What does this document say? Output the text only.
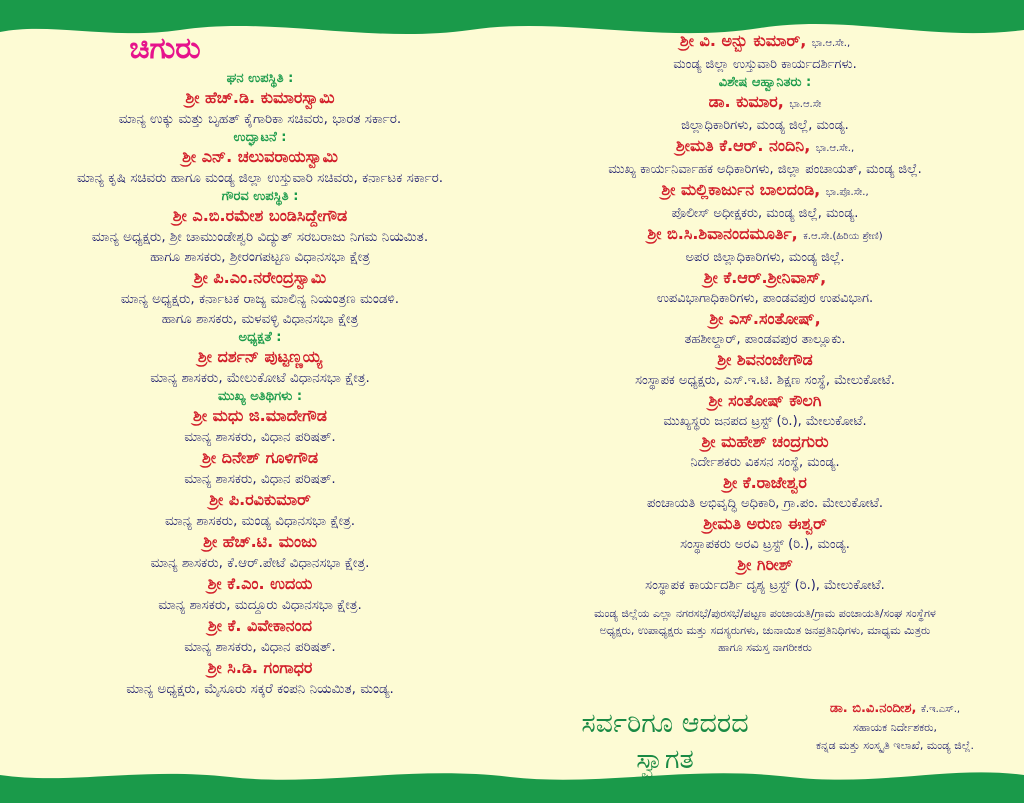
ಚಿಗುರು
ಘನ ಉಪಸ್ಥಿತಿ :
ಶ್ರೀ ಹೆಚ್.ಡಿ. ಕುಮಾರಸ್ವಾಮಿ
ಮಾನ್ಯ ಉಕ್ಕು ಮತ್ತು ಬೃಹತ್ ಕೈಗಾರಿಕಾ ಸಚಿವರು, ಭಾರತ ಸರ್ಕಾರ.
ಉದ್ಘಾಟನೆ :
ಶ್ರೀ ಎನ್. ಚಲುವರಾಯಸ್ವಾಮಿ
ಮಾನ್ಯ ಕೃಷಿ ಸಚಿವರು ಹಾಗೂ ಮಂಡ್ಯ ಜಿಲ್ಲಾ ಉಸ್ತುವಾರಿ ಸಚಿವರು, ಕರ್ನಾಟಕ ಸರ್ಕಾರ.
ಗೌರವ ಉಪಸ್ಥಿತಿ :
ಶ್ರೀ ಎ.ಬಿ.ರಮೇಶ ಬಂಡಿಸಿದ್ದೇಗೌಡ
ಮಾನ್ಯ ಅಧ್ಯಕ್ಷರು, ಶ್ರೀ ಚಾಮುಂಡೇಶ್ವರಿ ವಿದ್ಯುತ್ ಸರಬರಾಜು ನಿಗಮ ನಿಯಮಿತ.
ಹಾಗೂ ಶಾಸಕರು, ಶ್ರೀರಂಗಪಟ್ಟಣ ವಿಧಾನಸಭಾ ಕ್ಷೇತ್ರ
ಶ್ರೀ ಪಿ.ಎಂ.ನರೇಂದ್ರಸ್ವಾಮಿ
ಮಾನ್ಯ ಅಧ್ಯಕ್ಷರು, ಕರ್ನಾಟಕ ರಾಜ್ಯ ಮಾಲಿನ್ಯ ನಿಯಂತ್ರಣ ಮಂಡಳಿ.
ಹಾಗೂ ಶಾಸಕರು, ಮಳವಳ್ಳಿ ವಿಧಾನಸಭಾ ಕ್ಷೇತ್ರ
ಅಧ್ಯಕ್ಷತೆ :
ಶ್ರೀ ದರ್ಶನ್ ಪುಟ್ಟಣ್ಣಯ್ಯ
ಮಾನ್ಯ ಶಾಸಕರು, ಮೇಲುಕೋಟೆ ವಿಧಾನಸಭಾ ಕ್ಷೇತ್ರ.
ಮುಖ್ಯ ಅತಿಥಿಗಳು :
ಶ್ರೀ ಮಧು ಜಿ.ಮಾದೇಗೌಡ
ಮಾನ್ಯ ಶಾಸಕರು, ವಿಧಾನ ಪರಿಷತ್.
ಶ್ರೀ ದಿನೇಶ್ ಗೂಳಿಗೌಡ
ಮಾನ್ಯ ಶಾಸಕರು, ವಿಧಾನ ಪರಿಷತ್.
ಶ್ರೀ ಪಿ.ರವಿಕುಮಾರ್
ಮಾನ್ಯ ಶಾಸಕರು, ಮಂಡ್ಯ ವಿಧಾನಸಭಾ ಕ್ಷೇತ್ರ.
ಶ್ರೀ ಹೆಚ್.ಟಿ. ಮಂಜು
ಮಾನ್ಯ ಶಾಸಕರು, ಕೆ.ಆರ್.ಪೇಟೆ ವಿಧಾನಸಭಾ ಕ್ಷೇತ್ರ.
ಶ್ರೀ ಕೆ.ಎಂ. ಉದಯ
ಮಾನ್ಯ ಶಾಸಕರು, ಮದ್ದೂರು ವಿಧಾನಸಭಾ ಕ್ಷೇತ್ರ.
ಶ್ರೀ ಕೆ. ವಿವೇಕಾನಂದ
ಮಾನ್ಯ ಶಾಸಕರು, ವಿಧಾನ ಪರಿಷತ್.
ಶ್ರೀ ಸಿ.ಡಿ. ಗಂಗಾಧರ
ಮಾನ್ಯ ಅಧ್ಯಕ್ಷರು, ಮೈಸೂರು ಸಕ್ಕರೆ ಕಂಪನಿ ನಿಯಮಿತ, ಮಂಡ್ಯ.
ಶ್ರೀ ವಿ. ಅನ್ಬು ಕುಮಾರ್, ಭಾ.ಆ.ಸೇ.,
ಮಂಡ್ಯ ಜಿಲ್ಲಾ ಉಸ್ತುವಾರಿ ಕಾರ್ಯದರ್ಶಿಗಳು.
ವಿಶೇಷ ಆಹ್ವಾನಿತರು :
ಡಾ. ಕುಮಾರ, ಭಾ.ಆ.ಸೇ
ಜಿಲ್ಲಾಧಿಕಾರಿಗಳು, ಮಂಡ್ಯ ಜಿಲ್ಲೆ, ಮಂಡ್ಯ.
ಶ್ರೀಮತಿ ಕೆ.ಆರ್. ನಂದಿನಿ, ಭಾ.ಆ.ಸೇ.,
ಮುಖ್ಯ ಕಾರ್ಯನಿರ್ವಾಹಕ ಅಧಿಕಾರಿಗಳು, ಜಿಲ್ಲಾ ಪಂಚಾಯತ್, ಮಂಡ್ಯ ಜಿಲ್ಲೆ.
ಶ್ರೀ ಮಲ್ಲಿಕಾರ್ಜುನ ಬಾಲದಂಡಿ, ಭಾ.ಪೊ.ಸೇ.,
ಪೊಲೀಸ್ ಅಧೀಕ್ಷಕರು, ಮಂಡ್ಯ ಜಿಲ್ಲೆ, ಮಂಡ್ಯ.
ಶ್ರೀ ಬಿ.ಸಿ.ಶಿವಾನಂದಮೂರ್ತಿ, ಕ.ಆ.ಸೇ.(ಹಿರಿಯ ಶ್ರೇಣಿ)
ಅಪರ ಜಿಲ್ಲಾಧಿಕಾರಿಗಳು, ಮಂಡ್ಯ ಜಿಲ್ಲೆ.
ಶ್ರೀ ಕೆ.ಆರ್.ಶ್ರೀನಿವಾಸ್,
ಉಪವಿಭಾಗಾಧಿಕಾರಿಗಳು, ಪಾಂಡವಪುರ ಉಪವಿಭಾಗ.
ಶ್ರೀ ಎಸ್.ಸಂತೋಷ್,
ತಹಶೀಲ್ದಾರ್, ಪಾಂಡವಪುರ ತಾಲ್ಲೂಕು.
ಶ್ರೀ ಶಿವನಂಜೇಗೌಡ
ಸಂಸ್ಥಾಪಕ ಅಧ್ಯಕ್ಷರು, ಎಸ್.ಇ.ಟಿ. ಶಿಕ್ಷಣ ಸಂಸ್ಥೆ, ಮೇಲುಕೋಟೆ.
ಶ್ರೀ ಸಂತೋಷ್ ಕೌಲಗಿ
ಮುಖ್ಯಸ್ಥರು ಜನಪದ ಟ್ರಸ್ಟ್ (ರಿ.), ಮೇಲುಕೋಟೆ.
ಶ್ರೀ ಮಹೇಶ್ ಚಂದ್ರಗುರು
ನಿರ್ದೇಶಕರು ವಿಕಸನ ಸಂಸ್ಥೆ, ಮಂಡ್ಯ.
ಶ್ರೀ ಕೆ.ರಾಜೇಶ್ವರ
ಪಂಚಾಯತಿ ಅಭಿವೃದ್ಧಿ ಅಧಿಕಾರಿ, ಗ್ರಾ.ಪಂ. ಮೇಲುಕೋಟೆ.
ಶ್ರೀಮತಿ ಅರುಣ ಈಶ್ವರ್
ಸಂಸ್ಥಾಪಕರು ಅರವಿ ಟ್ರಸ್ಟ್ (ರಿ.), ಮಂಡ್ಯ.
ಶ್ರೀ ಗಿರೀಶ್
ಸಂಸ್ಥಾಪಕ ಕಾರ್ಯದರ್ಶಿ ದೃಶ್ಯ ಟ್ರಸ್ಟ್ (ರಿ.), ಮೇಲುಕೋಟೆ.
ಮಂಡ್ಯ ಜಿಲ್ಲೆಯ ಎಲ್ಲಾ ನಗರಸಭೆ/ಪುರಸಭೆ/ಪಟ್ಟಣ ಪಂಚಾಯತಿ/ಗ್ರಾಮ ಪಂಚಾಯತಿ/ಸಂಘ ಸಂಸ್ಥೆಗಳ
ಅಧ್ಯಕ್ಷರು, ಉಪಾಧ್ಯಕ್ಷರು ಮತ್ತು ಸದಸ್ಯರುಗಳು, ಚುನಾಯಿತ ಜನಪ್ರತಿನಿಧಿಗಳು, ಮಾಧ್ಯಮ ಮಿತ್ರರು
ಹಾಗೂ ಸಮಸ್ತ ನಾಗರೀಕರು
ಸರ್ವರಿಗೂ ಆದರದ
ಸ್ವಾಗತ
ಡಾ. ಬಿ.ವಿ.ನಂದೀಶ, ಕೆ.ಇ.ಎಸ್.,
ಸಹಾಯಕ ನಿರ್ದೇಶಕರು,
ಕನ್ನಡ ಮತ್ತು ಸಂಸ್ಕೃತಿ ಇಲಾಖೆ, ಮಂಡ್ಯ ಜಿಲ್ಲೆ.
